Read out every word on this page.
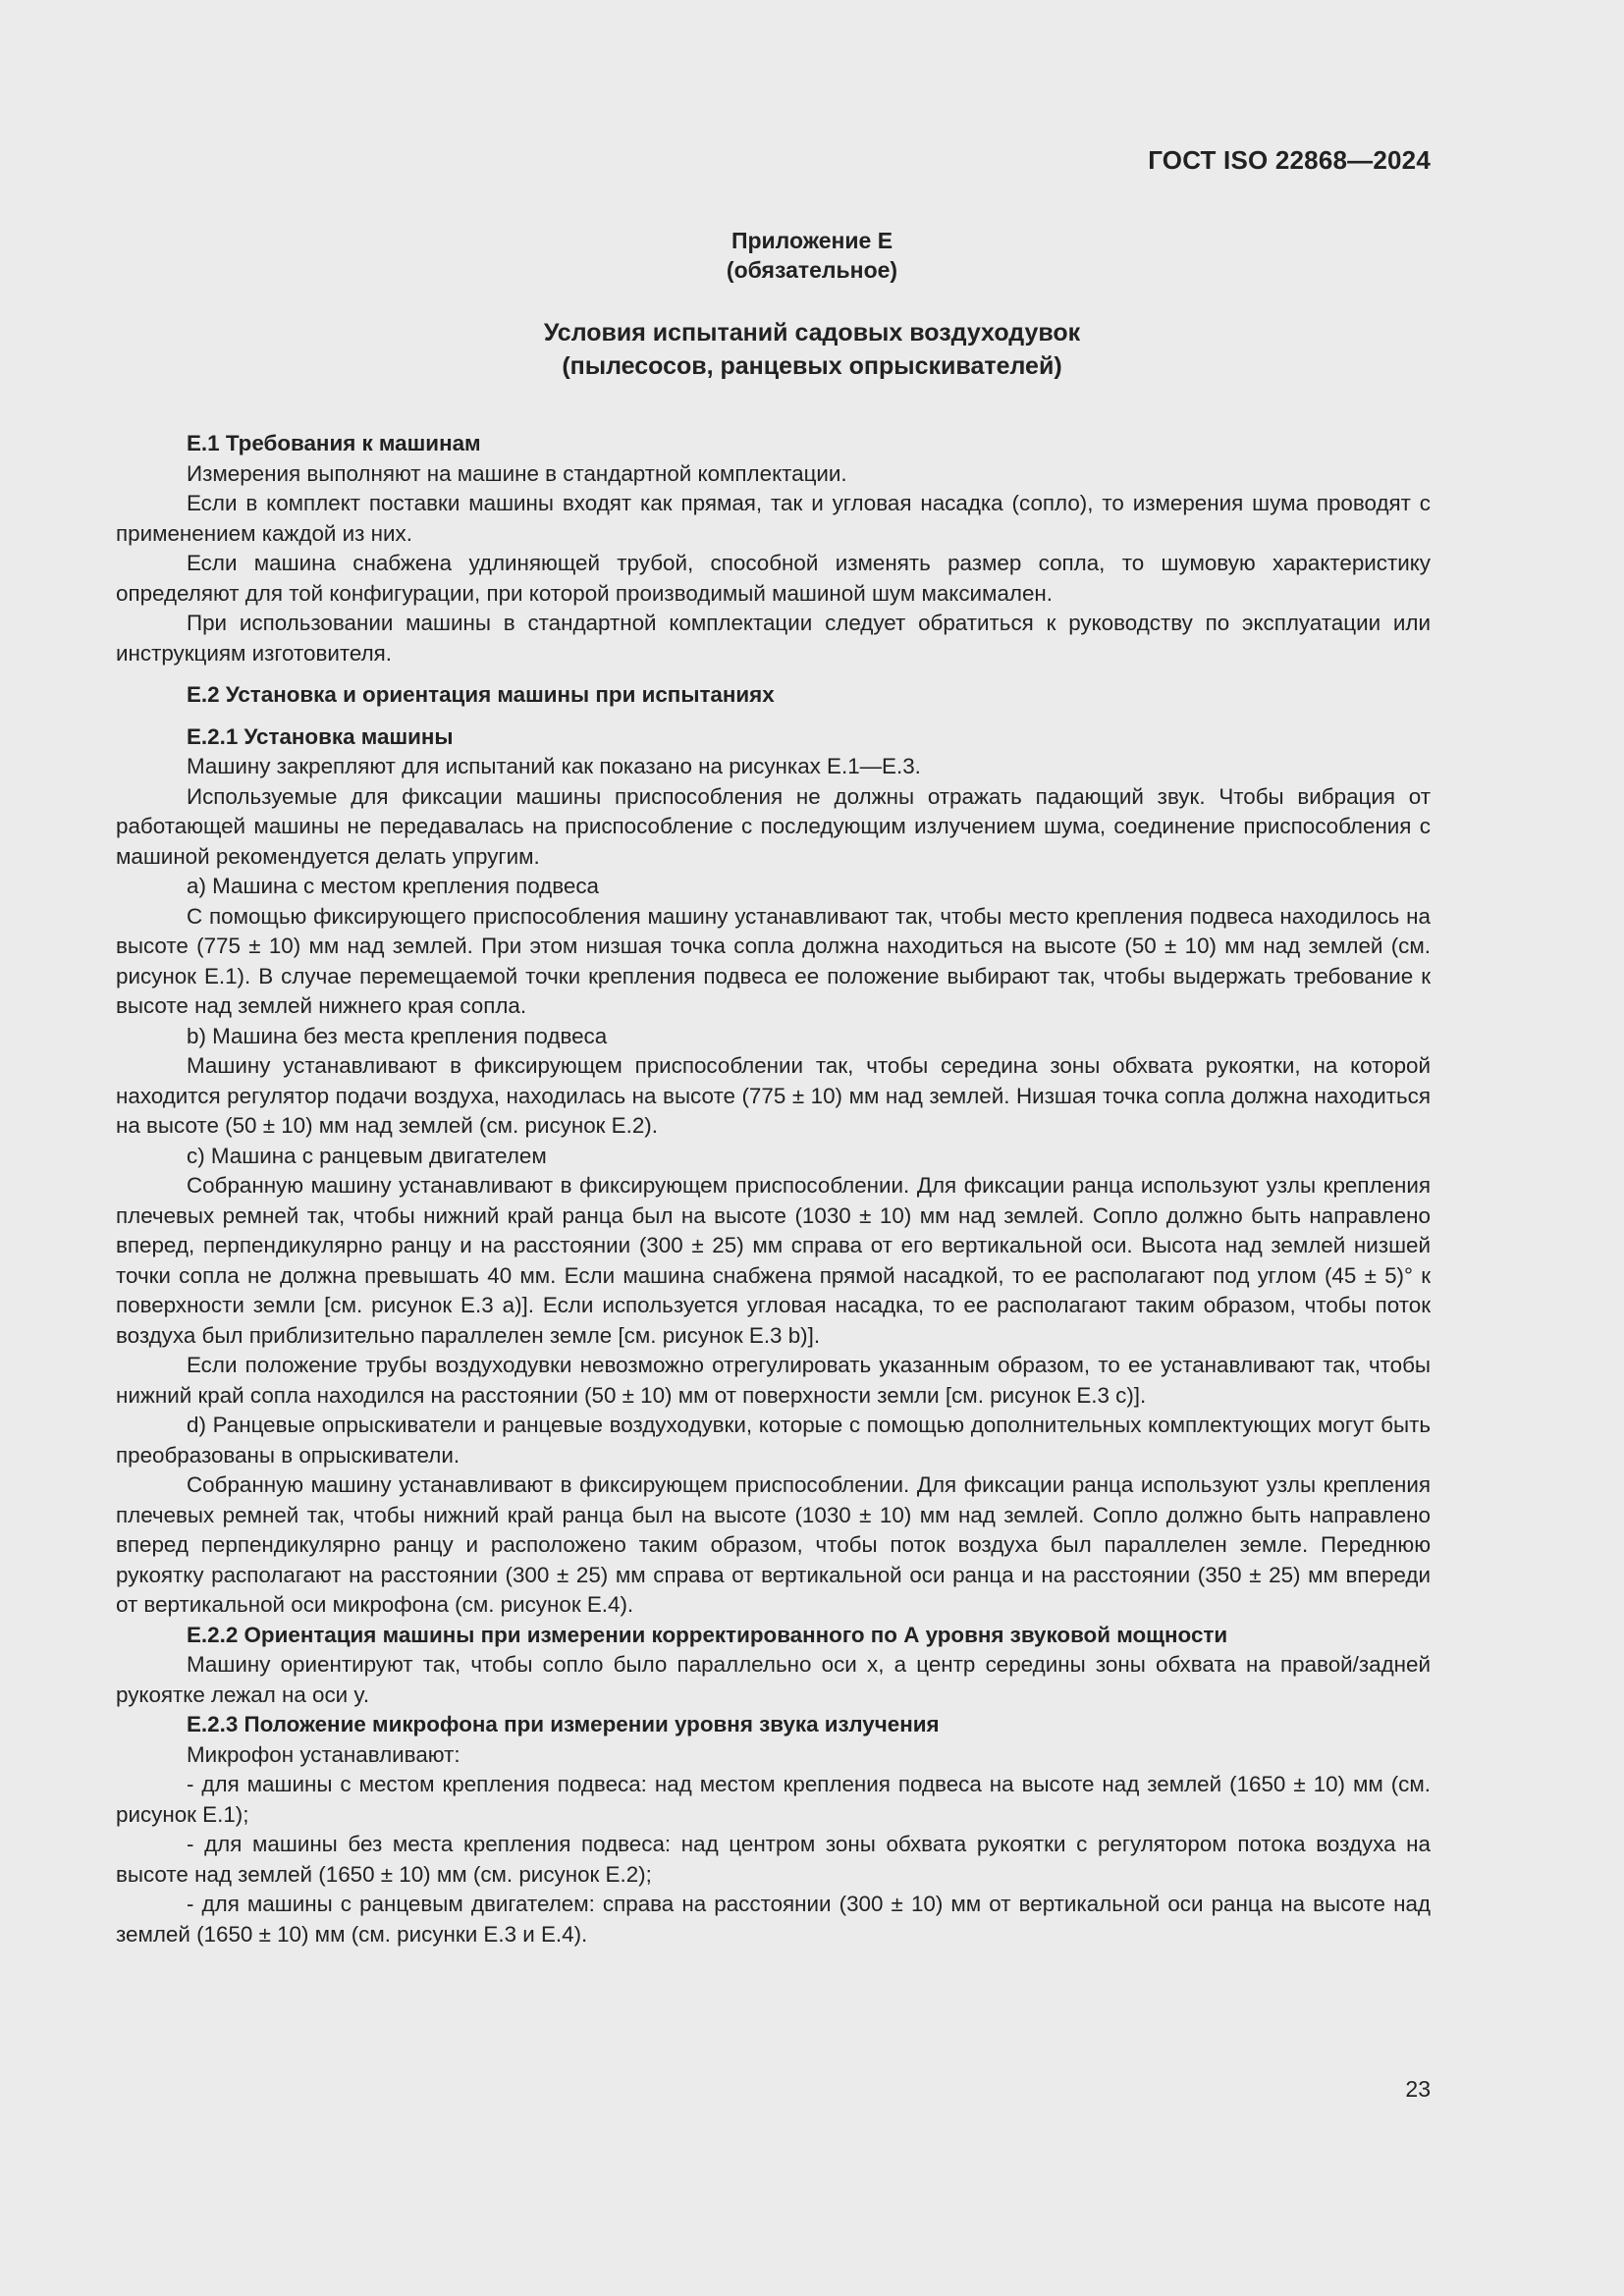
ГОСТ ISO 22868—2024
Приложение Е
(обязательное)
Условия испытаний садовых воздуходувок
(пылесосов, ранцевых опрыскивателей)
Е.1 Требования к машинам

Измерения выполняют на машине в стандартной комплектации.

Если в комплект поставки машины входят как прямая, так и угловая насадка (сопло), то измерения шума проводят с применением каждой из них.

Если машина снабжена удлиняющей трубой, способной изменять размер сопла, то шумовую характеристику определяют для той конфигурации, при которой производимый машиной шум максимален.

При использовании машины в стандартной комплектации следует обратиться к руководству по эксплуатации или инструкциям изготовителя.

Е.2 Установка и ориентация машины при испытаниях
Е.2.1 Установка машины

Машину закрепляют для испытаний как показано на рисунках Е.1—Е.3.

Используемые для фиксации машины приспособления не должны отражать падающий звук. Чтобы вибрация от работающей машины не передавалась на приспособление с последующим излучением шума, соединение приспособления с машиной рекомендуется делать упругим.

а) Машина с местом крепления подвеса

С помощью фиксирующего приспособления машину устанавливают так, чтобы место крепления подвеса находилось на высоте (775 ± 10) мм над землей. При этом низшая точка сопла должна находиться на высоте (50 ± 10) мм над землей (см. рисунок Е.1). В случае перемещаемой точки крепления подвеса ее положение выбирают так, чтобы выдержать требование к высоте над землей нижнего края сопла.

b) Машина без места крепления подвеса

Машину устанавливают в фиксирующем приспособлении так, чтобы середина зоны обхвата рукоятки, на которой находится регулятор подачи воздуха, находилась на высоте (775 ± 10) мм над землей. Низшая точка сопла должна находиться на высоте (50 ± 10) мм над землей (см. рисунок Е.2).

с) Машина с ранцевым двигателем

Собранную машину устанавливают в фиксирующем приспособлении. Для фиксации ранца используют узлы крепления плечевых ремней так, чтобы нижний край ранца был на высоте (1030 ± 10) мм над землей. Сопло должно быть направлено вперед, перпендикулярно ранцу и на расстоянии (300 ± 25) мм справа от его вертикальной оси. Высота над землей низшей точки сопла не должна превышать 40 мм. Если машина снабжена прямой насадкой, то ее располагают под углом (45 ± 5)° к поверхности земли [см. рисунок Е.3 а)]. Если используется угловая насадка, то ее располагают таким образом, чтобы поток воздуха был приблизительно параллелен земле [см. рисунок Е.3 b)].

Если положение трубы воздуходувки невозможно отрегулировать указанным образом, то ее устанавливают так, чтобы нижний край сопла находился на расстоянии (50 ± 10) мм от поверхности земли [см. рисунок Е.3 с)].

d) Ранцевые опрыскиватели и ранцевые воздуходувки, которые с помощью дополнительных комплектующих могут быть преобразованы в опрыскиватели.

Собранную машину устанавливают в фиксирующем приспособлении. Для фиксации ранца используют узлы крепления плечевых ремней так, чтобы нижний край ранца был на высоте (1030 ± 10) мм над землей. Сопло должно быть направлено вперед перпендикулярно ранцу и расположено таким образом, чтобы поток воздуха был параллелен земле. Переднюю рукоятку располагают на расстоянии (300 ± 25) мм справа от вертикальной оси ранца и на расстоянии (350 ± 25) мм впереди от вертикальной оси микрофона (см. рисунок Е.4).

Е.2.2 Ориентация машины при измерении корректированного по А уровня звуковой мощности

Машину ориентируют так, чтобы сопло было параллельно оси x, а центр середины зоны обхвата на правой/задней рукоятке лежал на оси y.

Е.2.3 Положение микрофона при измерении уровня звука излучения

Микрофон устанавливают:

- для машины с местом крепления подвеса: над местом крепления подвеса на высоте над землей (1650 ± 10) мм (см. рисунок Е.1);

- для машины без места крепления подвеса: над центром зоны обхвата рукоятки с регулятором потока воздуха на высоте над землей (1650 ± 10) мм (см. рисунок Е.2);

- для машины с ранцевым двигателем: справа на расстоянии (300 ± 10) мм от вертикальной оси ранца на высоте над землей (1650 ± 10) мм (см. рисунки Е.3 и Е.4).

23
